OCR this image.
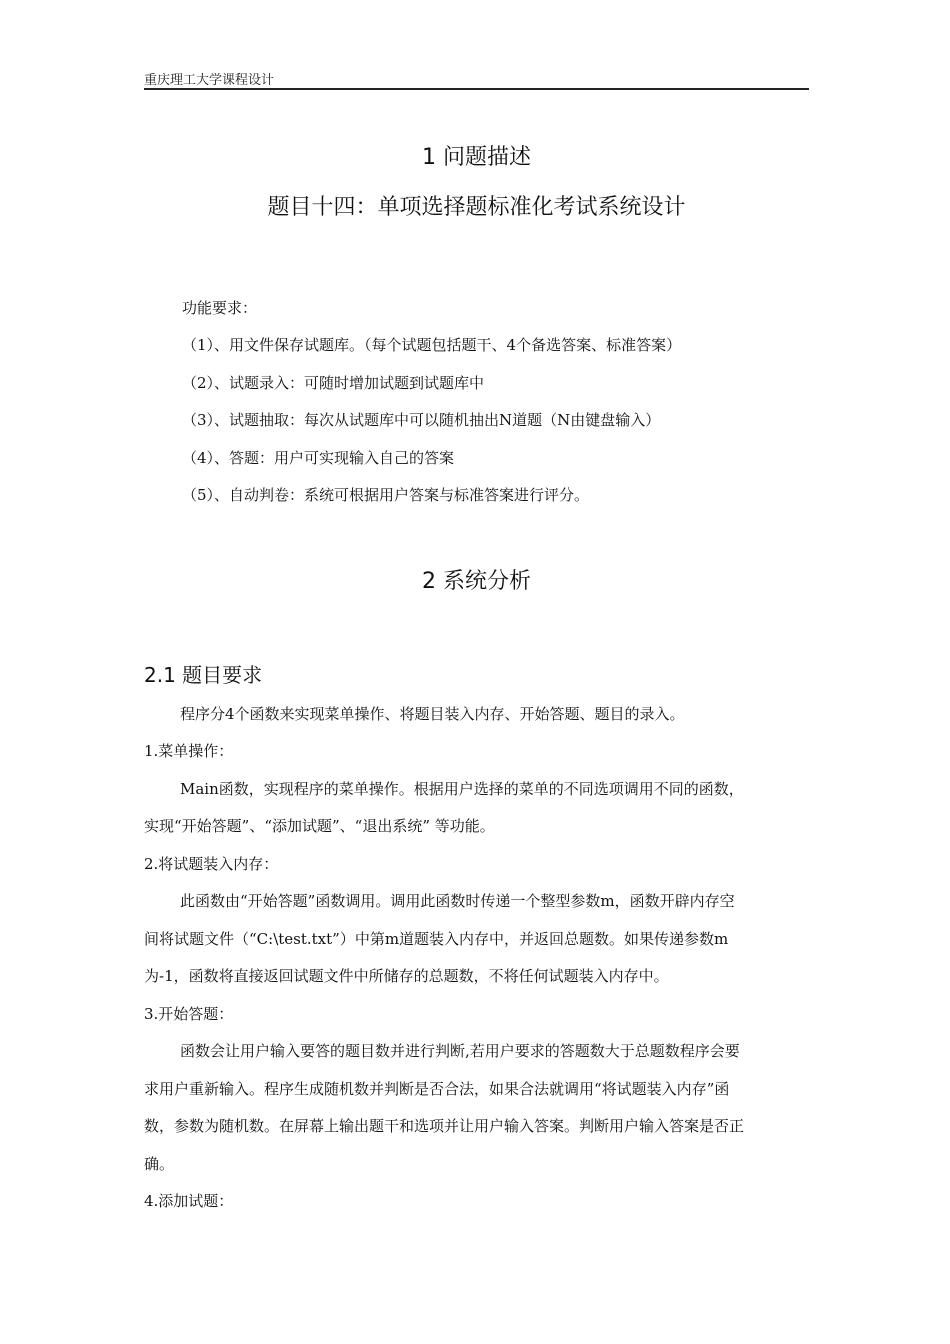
重庆理工大学课程设计
1 问题描述
题目十四：单项选择题标准化考试系统设计
功能要求：
（1）、用文件保存试题库。（每个试题包括题干、4个备选答案、标准答案）
（2）、试题录入：可随时增加试题到试题库中
（3）、试题抽取：每次从试题库中可以随机抽出N道题（N由键盘输入）
（4）、答题：用户可实现输入自己的答案
（5）、自动判卷：系统可根据用户答案与标准答案进行评分。
2 系统分析
2.1 题目要求
程序分4个函数来实现菜单操作、将题目装入内存、开始答题、题目的录入。
1.菜单操作：
Main函数，实现程序的菜单操作。根据用户选择的菜单的不同选项调用不同的函数，
实现“开始答题”、“添加试题”、“退出系统” 等功能。
2.将试题装入内存：
此函数由“开始答题”函数调用。调用此函数时传递一个整型参数m，函数开辟内存空
间将试题文件（“C:\test.txt”）中第m道题装入内存中，并返回总题数。如果传递参数m
为-1，函数将直接返回试题文件中所储存的总题数，不将任何试题装入内存中。
3.开始答题：
函数会让用户输入要答的题目数并进行判断,若用户要求的答题数大于总题数程序会要
求用户重新输入。程序生成随机数并判断是否合法，如果合法就调用“将试题装入内存”函
数，参数为随机数。在屏幕上输出题干和选项并让用户输入答案。判断用户输入答案是否正
确。
4.添加试题：
